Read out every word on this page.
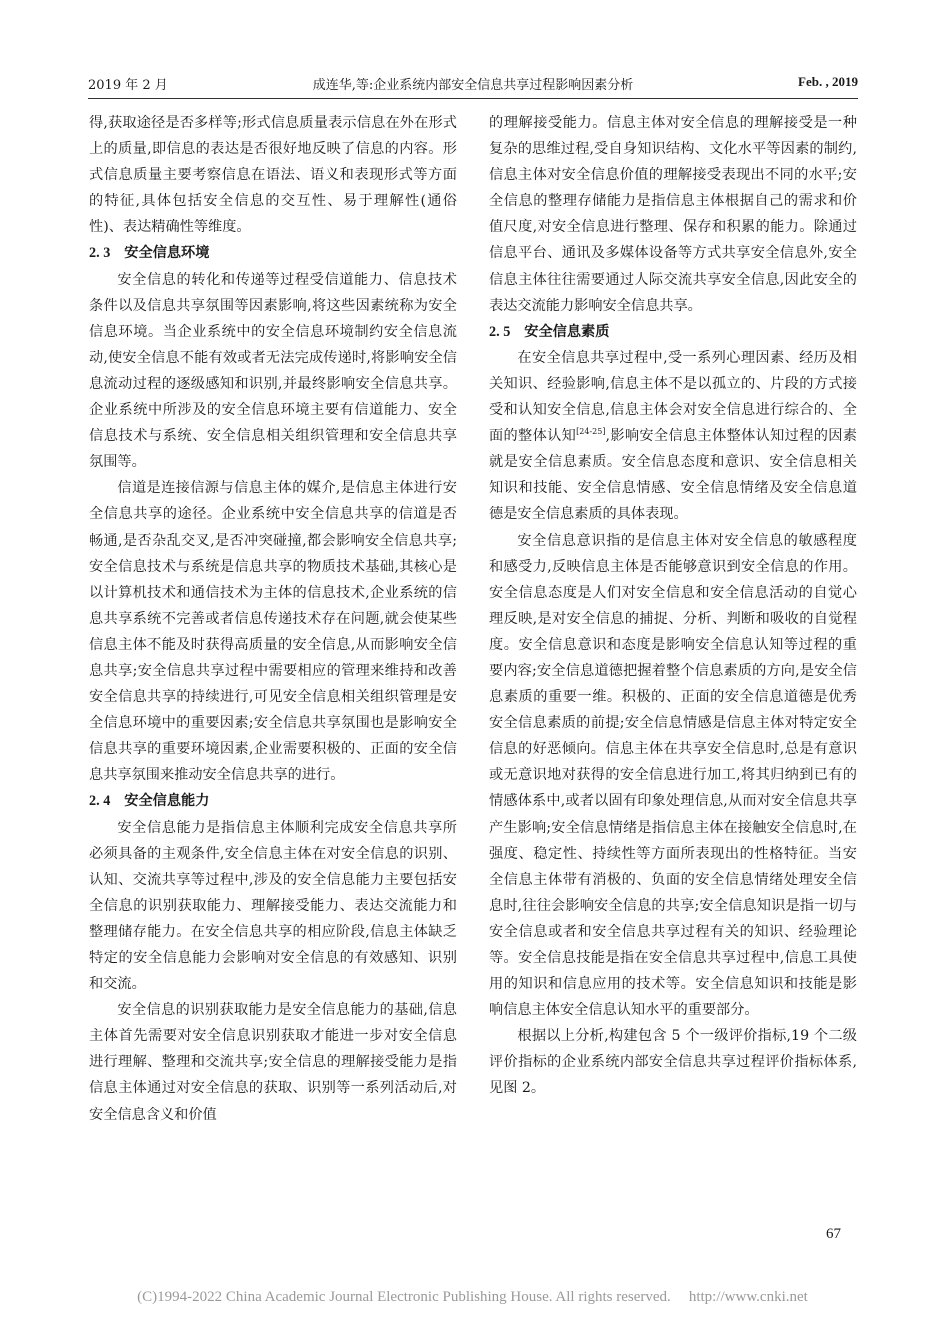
2019 年 2 月	成连华,等:企业系统内部安全信息共享过程影响因素分析	Feb. , 2019

得,获取途径是否多样等;形式信息质量表示信息在外在形式上的质量,即信息的表达是否很好地反映了信息的内容。形式信息质量主要考察信息在语法、语义和表现形式等方面的特征,具体包括安全信息的交互性、易于理解性(通俗性)、表达精确性等维度。

2. 3 安全信息环境

安全信息的转化和传递等过程受信道能力、信息技术条件以及信息共享氛围等因素影响,将这些因素统称为安全信息环境。当企业系统中的安全信息环境制约安全信息流动,使安全信息不能有效或者无法完成传递时,将影响安全信息流动过程的逐级感知和识别,并最终影响安全信息共享。企业系统中所涉及的安全信息环境主要有信道能力、安全信息技术与系统、安全信息相关组织管理和安全信息共享氛围等。

信道是连接信源与信息主体的媒介,是信息主体进行安全信息共享的途径。企业系统中安全信息共享的信道是否畅通,是否杂乱交叉,是否冲突碰撞,都会影响安全信息共享;安全信息技术与系统是信息共享的物质技术基础,其核心是以计算机技术和通信技术为主体的信息技术,企业系统的信息共享系统不完善或者信息传递技术存在问题,就会使某些信息主体不能及时获得高质量的安全信息,从而影响安全信息共享;安全信息共享过程中需要相应的管理来维持和改善安全信息共享的持续进行,可见安全信息相关组织管理是安全信息环境中的重要因素;安全信息共享氛围也是影响安全信息共享的重要环境因素,企业需要积极的、正面的安全信息共享氛围来推动安全信息共享的进行。

2. 4 安全信息能力

安全信息能力是指信息主体顺利完成安全信息共享所必须具备的主观条件,安全信息主体在对安全信息的识别、认知、交流共享等过程中,涉及的安全信息能力主要包括安全信息的识别获取能力、理解接受能力、表达交流能力和整理储存能力。在安全信息共享的相应阶段,信息主体缺乏特定的安全信息能力会影响对安全信息的有效感知、识别和交流。

安全信息的识别获取能力是安全信息能力的基础,信息主体首先需要对安全信息识别获取才能进一步对安全信息进行理解、整理和交流共享;安全信息的理解接受能力是指信息主体通过对安全信息的获取、识别等一系列活动后,对安全信息含义和价值

的理解接受能力。信息主体对安全信息的理解接受是一种复杂的思维过程,受自身知识结构、文化水平等因素的制约,信息主体对安全信息价值的理解接受表现出不同的水平;安全信息的整理存储能力是指信息主体根据自己的需求和价值尺度,对安全信息进行整理、保存和积累的能力。除通过信息平台、通讯及多媒体设备等方式共享安全信息外,安全信息主体往往需要通过人际交流共享安全信息,因此安全的表达交流能力影响安全信息共享。

2. 5 安全信息素质

在安全信息共享过程中,受一系列心理因素、经历及相关知识、经验影响,信息主体不是以孤立的、片段的方式接受和认知安全信息,信息主体会对安全信息进行综合的、全面的整体认知[24-25],影响安全信息主体整体认知过程的因素就是安全信息素质。安全信息态度和意识、安全信息相关知识和技能、安全信息情感、安全信息情绪及安全信息道德是安全信息素质的具体表现。

安全信息意识指的是信息主体对安全信息的敏感程度和感受力,反映信息主体是否能够意识到安全信息的作用。安全信息态度是人们对安全信息和安全信息活动的自觉心理反映,是对安全信息的捕捉、分析、判断和吸收的自觉程度。安全信息意识和态度是影响安全信息认知等过程的重要内容;安全信息道德把握着整个信息素质的方向,是安全信息素质的重要一维。积极的、正面的安全信息道德是优秀安全信息素质的前提;安全信息情感是信息主体对特定安全信息的好恶倾向。信息主体在共享安全信息时,总是有意识或无意识地对获得的安全信息进行加工,将其归纳到已有的情感体系中,或者以固有印象处理信息,从而对安全信息共享产生影响;安全信息情绪是指信息主体在接触安全信息时,在强度、稳定性、持续性等方面所表现出的性格特征。当安全信息主体带有消极的、负面的安全信息情绪处理安全信息时,往往会影响安全信息的共享;安全信息知识是指一切与安全信息或者和安全信息共享过程有关的知识、经验理论等。安全信息技能是指在安全信息共享过程中,信息工具使用的知识和信息应用的技术等。安全信息知识和技能是影响信息主体安全信息认知水平的重要部分。

根据以上分析,构建包含 5 个一级评价指标,19 个二级评价指标的企业系统内部安全信息共享过程评价指标体系,见图 2。

67
(C)1994-2022 China Academic Journal Electronic Publishing House. All rights reserved. http://www.cnki.net
